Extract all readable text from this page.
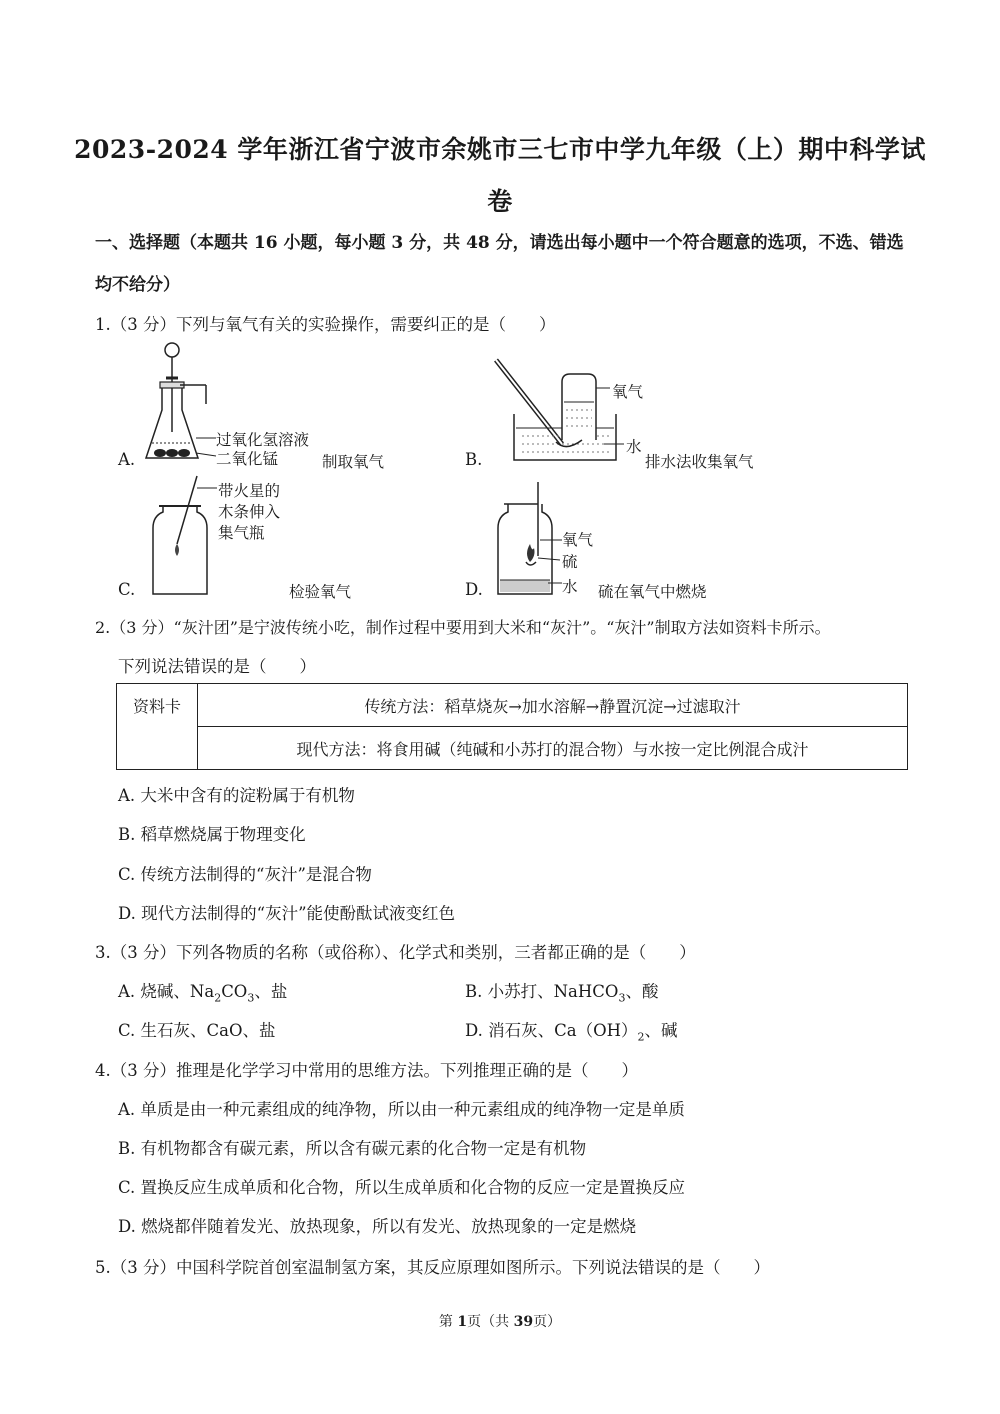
2023-2024 学年浙江省宁波市余姚市三七市中学九年级（上）期中科学试
卷
一、选择题（本题共 16 小题，每小题 3 分，共 48 分，请选出每小题中一个符合题意的选项，不选、错选均不给分）
1.（3 分）下列与氧气有关的实验操作，需要纠正的是（　　）
过氧化氢溶液
二氧化锰
A.	制取氧气
氧气
水
B.	排水法收集氧气
带火星的
木条伸入
集气瓶
C.	检验氧气
氧气
硫
水
D.	硫在氧气中燃烧
2.（3 分）“灰汁团”是宁波传统小吃，制作过程中要用到大米和“灰汁”。“灰汁”制取方法如资料卡所示。
下列说法错误的是（　　）
资料卡	传统方法：稻草烧灰→加水溶解→静置沉淀→过滤取汁
现代方法：将食用碱（纯碱和小苏打的混合物）与水按一定比例混合成汁
A. 大米中含有的淀粉属于有机物
B. 稻草燃烧属于物理变化
C. 传统方法制得的“灰汁”是混合物
D. 现代方法制得的“灰汁”能使酚酞试液变红色
3.（3 分）下列各物质的名称（或俗称）、化学式和类别，三者都正确的是（　　）
A. 烧碱、$Na_2CO_3$、盐	B. 小苏打、NaHCO$_3$、酸
C. 生石灰、CaO、盐	D. 消石灰、$Ca(OH)_2$、碱
4.（3 分）推理是化学学习中常用的思维方法。下列推理正确的是（　　）
A. 单质是由一种元素组成的纯净物，所以由一种元素组成的纯净物一定是单质
B. 有机物都含有碳元素，所以含有碳元素的化合物一定是有机物
C. 置换反应生成单质和化合物，所以生成单质和化合物的反应一定是置换反应
D. 燃烧都伴随着发光、放热现象，所以有发光、放热现象的一定是燃烧
5.（3 分）中国科学院首创室温制氢方案，其反应原理如图所示。下列说法错误的是（　　）
第 1页（共 39页）
